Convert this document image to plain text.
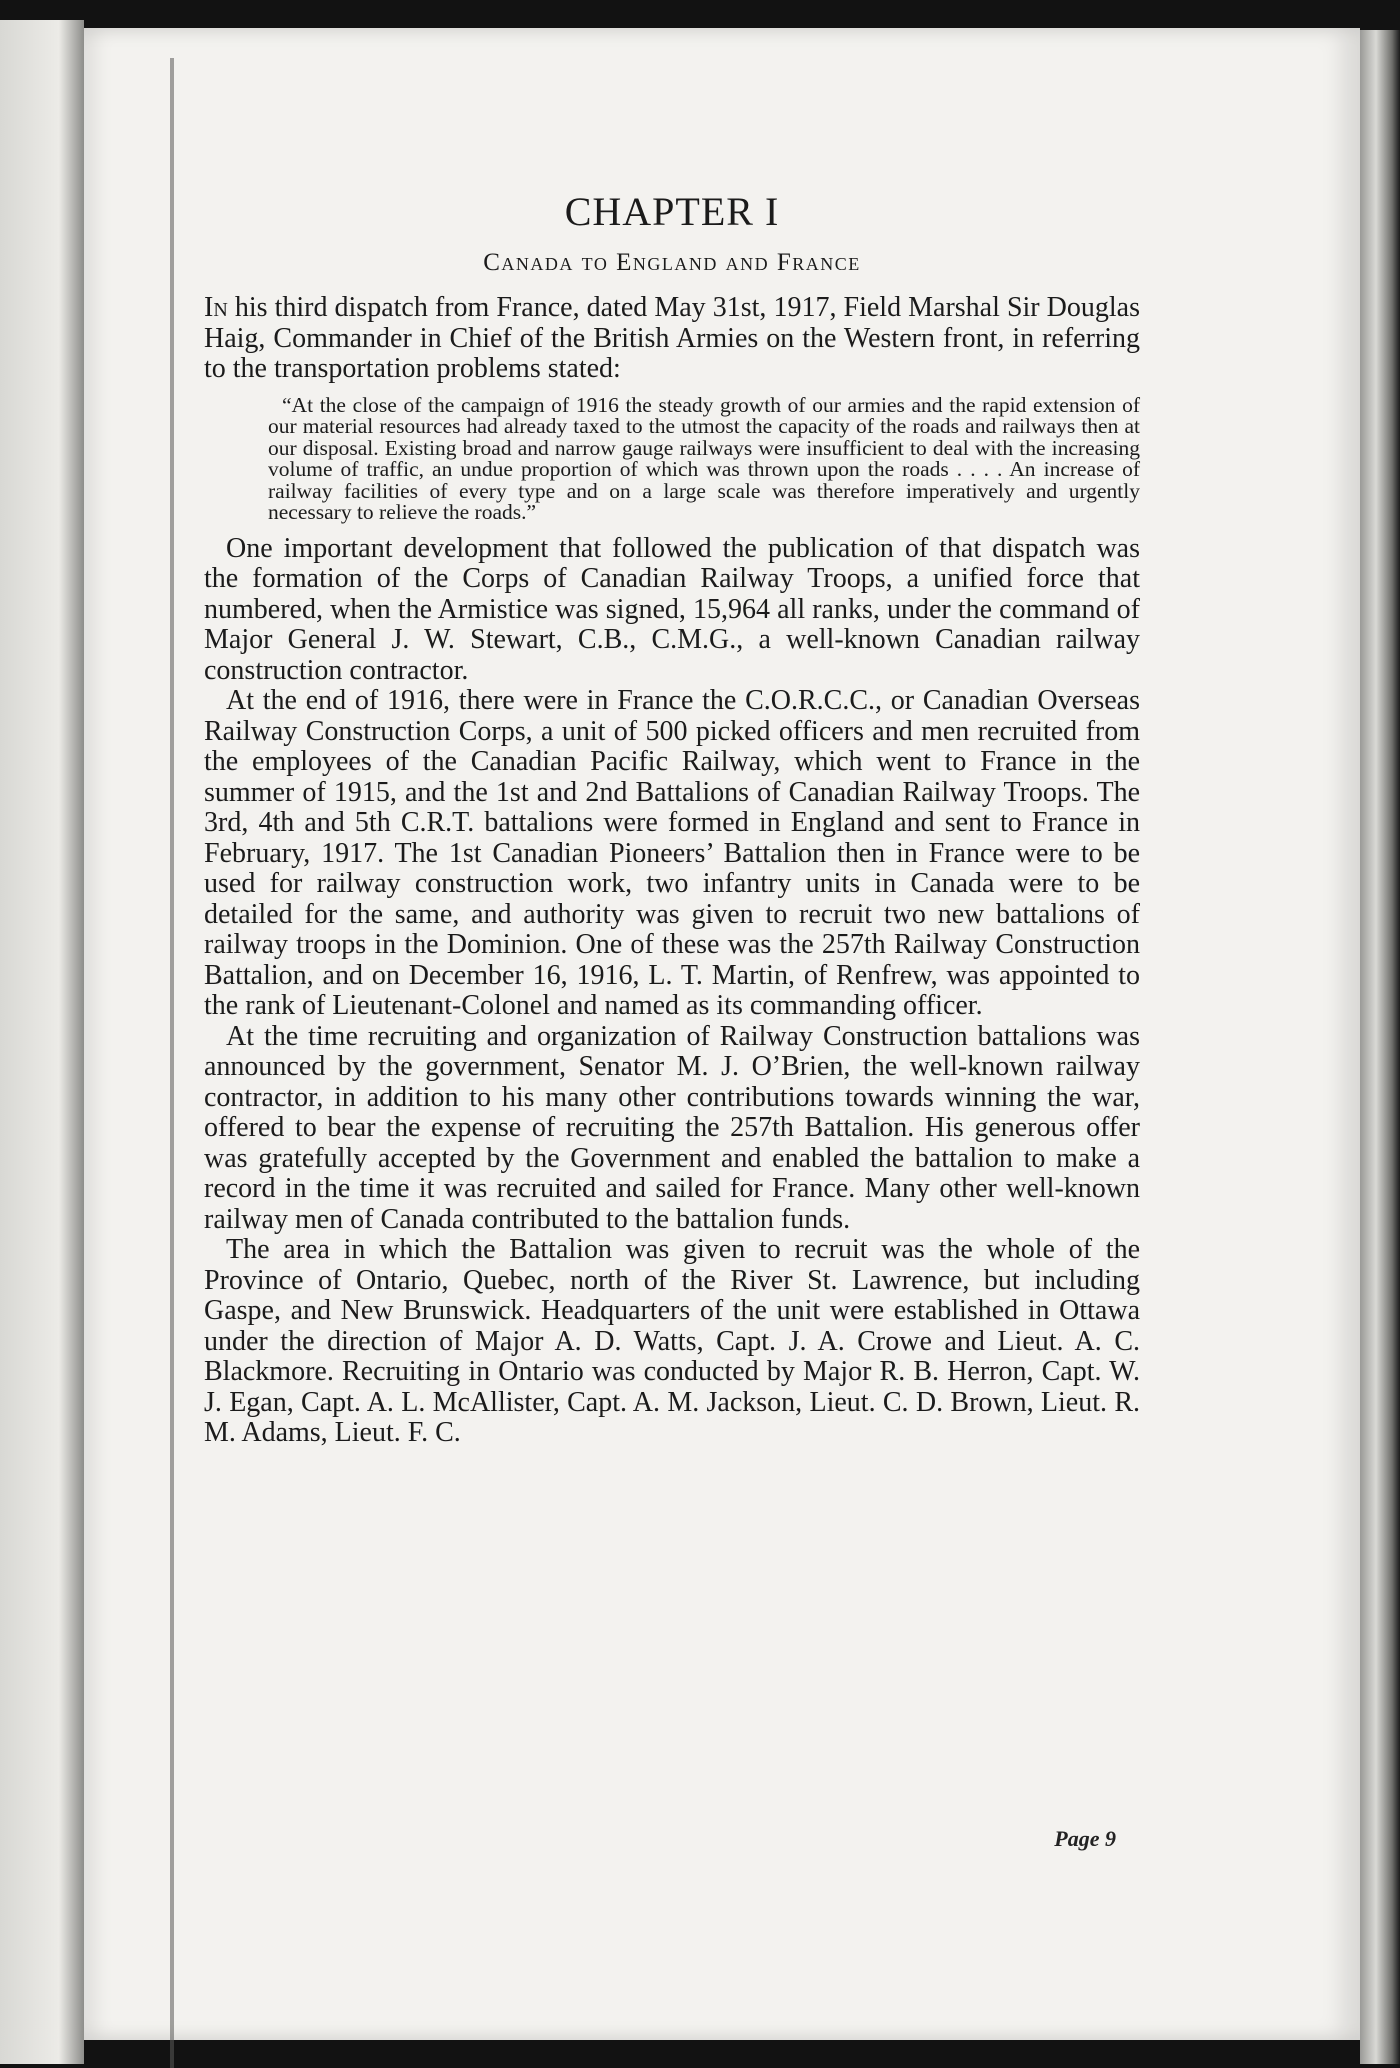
CHAPTER I
Canada to England and France

In his third dispatch from France, dated May 31st, 1917, Field Marshal Sir Douglas Haig, Commander in Chief of the British Armies on the Western front, in referring to the transportation problems stated:

“At the close of the campaign of 1916 the steady growth of our armies and the rapid extension of our material resources had already taxed to the utmost the capacity of the roads and railways then at our disposal. Existing broad and narrow gauge railways were insufficient to deal with the increasing volume of traffic, an undue proportion of which was thrown upon the roads . . . . An increase of railway facilities of every type and on a large scale was therefore imperatively and urgently necessary to relieve the roads.”

One important development that followed the publication of that dispatch was the formation of the Corps of Canadian Railway Troops, a unified force that numbered, when the Armistice was signed, 15,964 all ranks, under the command of Major General J. W. Stewart, C.B., C.M.G., a well-known Canadian railway construction contractor.

At the end of 1916, there were in France the C.O.R.C.C., or Canadian Overseas Railway Construction Corps, a unit of 500 picked officers and men recruited from the employees of the Canadian Pacific Railway, which went to France in the summer of 1915, and the 1st and 2nd Battalions of Canadian Railway Troops. The 3rd, 4th and 5th C.R.T. battalions were formed in England and sent to France in February, 1917. The 1st Canadian Pioneers’ Battalion then in France were to be used for railway construction work, two infantry units in Canada were to be detailed for the same, and authority was given to recruit two new battalions of railway troops in the Dominion. One of these was the 257th Railway Construction Battalion, and on December 16, 1916, L. T. Martin, of Renfrew, was appointed to the rank of Lieutenant-Colonel and named as its commanding officer.

At the time recruiting and organization of Railway Construction battalions was announced by the government, Senator M. J. O’Brien, the well-known railway contractor, in addition to his many other contributions towards winning the war, offered to bear the expense of recruiting the 257th Battalion. His generous offer was gratefully accepted by the Government and enabled the battalion to make a record in the time it was recruited and sailed for France. Many other well-known railway men of Canada contributed to the battalion funds.

The area in which the Battalion was given to recruit was the whole of the Province of Ontario, Quebec, north of the River St. Lawrence, but including Gaspe, and New Brunswick. Headquarters of the unit were established in Ottawa under the direction of Major A. D. Watts, Capt. J. A. Crowe and Lieut. A. C. Blackmore. Recruiting in Ontario was conducted by Major R. B. Herron, Capt. W. J. Egan, Capt. A. L. McAllister, Capt. A. M. Jackson, Lieut. C. D. Brown, Lieut. R. M. Adams, Lieut. F. C.

Page 9
